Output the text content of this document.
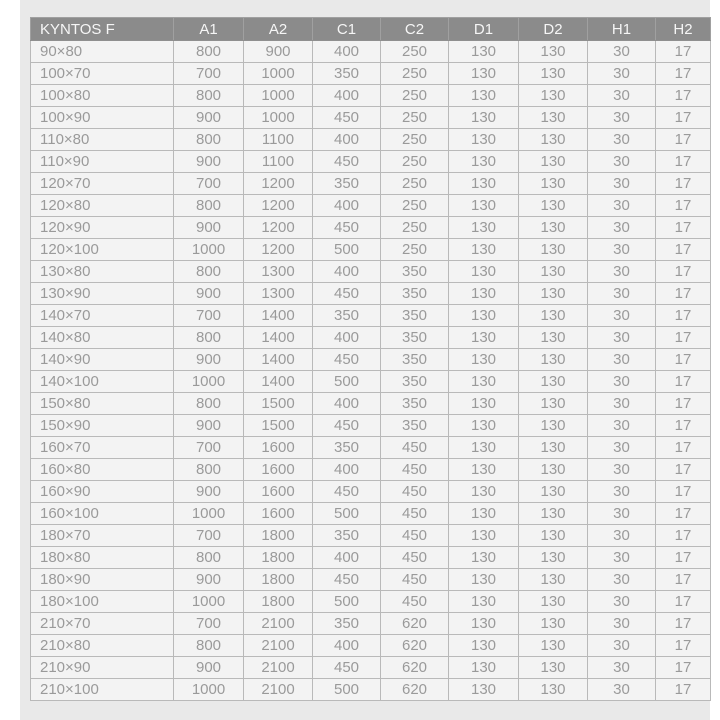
KYNTOS F	A1	A2	C1	C2	D1	D2	H1	H2
90×80	800	900	400	250	130	130	30	17
100×70	700	1000	350	250	130	130	30	17
100×80	800	1000	400	250	130	130	30	17
100×90	900	1000	450	250	130	130	30	17
110×80	800	1100	400	250	130	130	30	17
110×90	900	1100	450	250	130	130	30	17
120×70	700	1200	350	250	130	130	30	17
120×80	800	1200	400	250	130	130	30	17
120×90	900	1200	450	250	130	130	30	17
120×100	1000	1200	500	250	130	130	30	17
130×80	800	1300	400	350	130	130	30	17
130×90	900	1300	450	350	130	130	30	17
140×70	700	1400	350	350	130	130	30	17
140×80	800	1400	400	350	130	130	30	17
140×90	900	1400	450	350	130	130	30	17
140×100	1000	1400	500	350	130	130	30	17
150×80	800	1500	400	350	130	130	30	17
150×90	900	1500	450	350	130	130	30	17
160×70	700	1600	350	450	130	130	30	17
160×80	800	1600	400	450	130	130	30	17
160×90	900	1600	450	450	130	130	30	17
160×100	1000	1600	500	450	130	130	30	17
180×70	700	1800	350	450	130	130	30	17
180×80	800	1800	400	450	130	130	30	17
180×90	900	1800	450	450	130	130	30	17
180×100	1000	1800	500	450	130	130	30	17
210×70	700	2100	350	620	130	130	30	17
210×80	800	2100	400	620	130	130	30	17
210×90	900	2100	450	620	130	130	30	17
210×100	1000	2100	500	620	130	130	30	17
